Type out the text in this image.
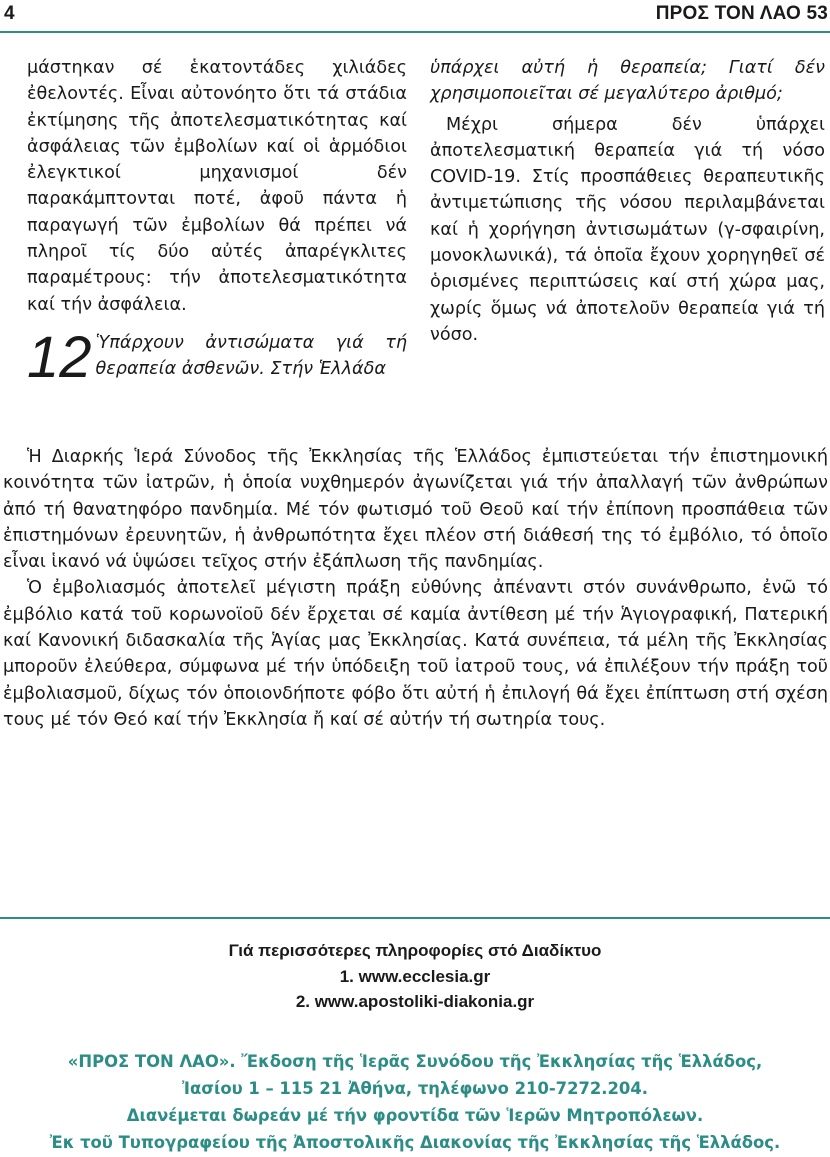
4	ΠΡΟΣ ΤΟΝ ΛΑΟ 53

μάστηκαν σέ ἑκατοντάδες χιλιάδες ἐθελοντές. Εἶναι αὐτονόητο ὅτι τά στάδια ἐκτίμησης τῆς ἀποτελεσματικότητας καί ἀσφάλειας τῶν ἐμβολίων καί οἱ ἁρμόδιοι ἐλεγκτικοί μηχανισμοί δέν παρακάμπτονται ποτέ, ἀφοῦ πάντα ἡ παραγωγή τῶν ἐμβολίων θά πρέπει νά πληροῖ τίς δύο αὐτές ἀπαρέγκλιτες παραμέτρους: τήν ἀποτελεσματικότητα καί τήν ἀσφάλεια.

12 Ὑπάρχουν ἀντισώματα γιά τή θεραπεία ἀσθενῶν. Στήν Ἑλλάδα

ὑπάρχει αὐτή ἡ θεραπεία; Γιατί δέν χρησιμοποιεῖται σέ μεγαλύτερο ἀριθμό;

Μέχρι σήμερα δέν ὑπάρχει ἀποτελεσματική θεραπεία γιά τή νόσο COVID-19. Στίς προσπάθειες θεραπευτικῆς ἀντιμετώπισης τῆς νόσου περιλαμβάνεται καί ἡ χορήγηση ἀντισωμάτων (γ-σφαιρίνη, μονοκλωνικά), τά ὁποῖα ἔχουν χορηγηθεῖ σέ ὁρισμένες περιπτώσεις καί στή χώρα μας, χωρίς ὅμως νά ἀποτελοῦν θεραπεία γιά τή νόσο.

Ἡ Διαρκής Ἱερά Σύνοδος τῆς Ἐκκλησίας τῆς Ἑλλάδος ἐμπιστεύεται τήν ἐπιστημονική κοινότητα τῶν ἰατρῶν, ἡ ὁποία νυχθημερόν ἀγωνίζεται γιά τήν ἀπαλλαγή τῶν ἀνθρώπων ἀπό τή θανατηφόρο πανδημία. Μέ τόν φωτισμό τοῦ Θεοῦ καί τήν ἐπίπονη προσπάθεια τῶν ἐπιστημόνων ἐρευνητῶν, ἡ ἀνθρωπότητα ἔχει πλέον στή διάθεσή της τό ἐμβόλιο, τό ὁποῖο εἶναι ἱκανό νά ὑψώσει τεῖχος στήν ἐξάπλωση τῆς πανδημίας.

Ὁ ἐμβολιασμός ἀποτελεῖ μέγιστη πράξη εὐθύνης ἀπέναντι στόν συνάνθρωπο, ἐνῶ τό ἐμβόλιο κατά τοῦ κορωνοϊοῦ δέν ἔρχεται σέ καμία ἀντίθεση μέ τήν Ἁγιογραφική, Πατερική καί Κανονική διδασκαλία τῆς Ἁγίας μας Ἐκκλησίας. Κατά συνέπεια, τά μέλη τῆς Ἐκκλησίας μποροῦν ἐλεύθερα, σύμφωνα μέ τήν ὑπόδειξη τοῦ ἰατροῦ τους, νά ἐπιλέξουν τήν πράξη τοῦ ἐμβολιασμοῦ, δίχως τόν ὁποιονδήποτε φόβο ὅτι αὐτή ἡ ἐπιλογή θά ἔχει ἐπίπτωση στή σχέση τους μέ τόν Θεό καί τήν Ἐκκλησία ἤ καί σέ αὐτήν τή σωτηρία τους.

Γιά περισσότερες πληροφορίες στό Διαδίκτυο
1. www.ecclesia.gr
2. www.apostoliki-diakonia.gr
«ΠΡΟΣ ΤΟΝ ΛΑΟ». Ἔκδοση τῆς Ἱερᾶς Συνόδου τῆς Ἐκκλησίας τῆς Ἑλλάδος,
Ἰασίου 1 – 115 21 Ἀθήνα, τηλέφωνο 210-7272.204.
Διανέμεται δωρεάν μέ τήν φροντίδα τῶν Ἱερῶν Μητροπόλεων.
Ἐκ τοῦ Τυπογραφείου τῆς Ἀποστολικῆς Διακονίας τῆς Ἐκκλησίας τῆς Ἑλλάδος.
